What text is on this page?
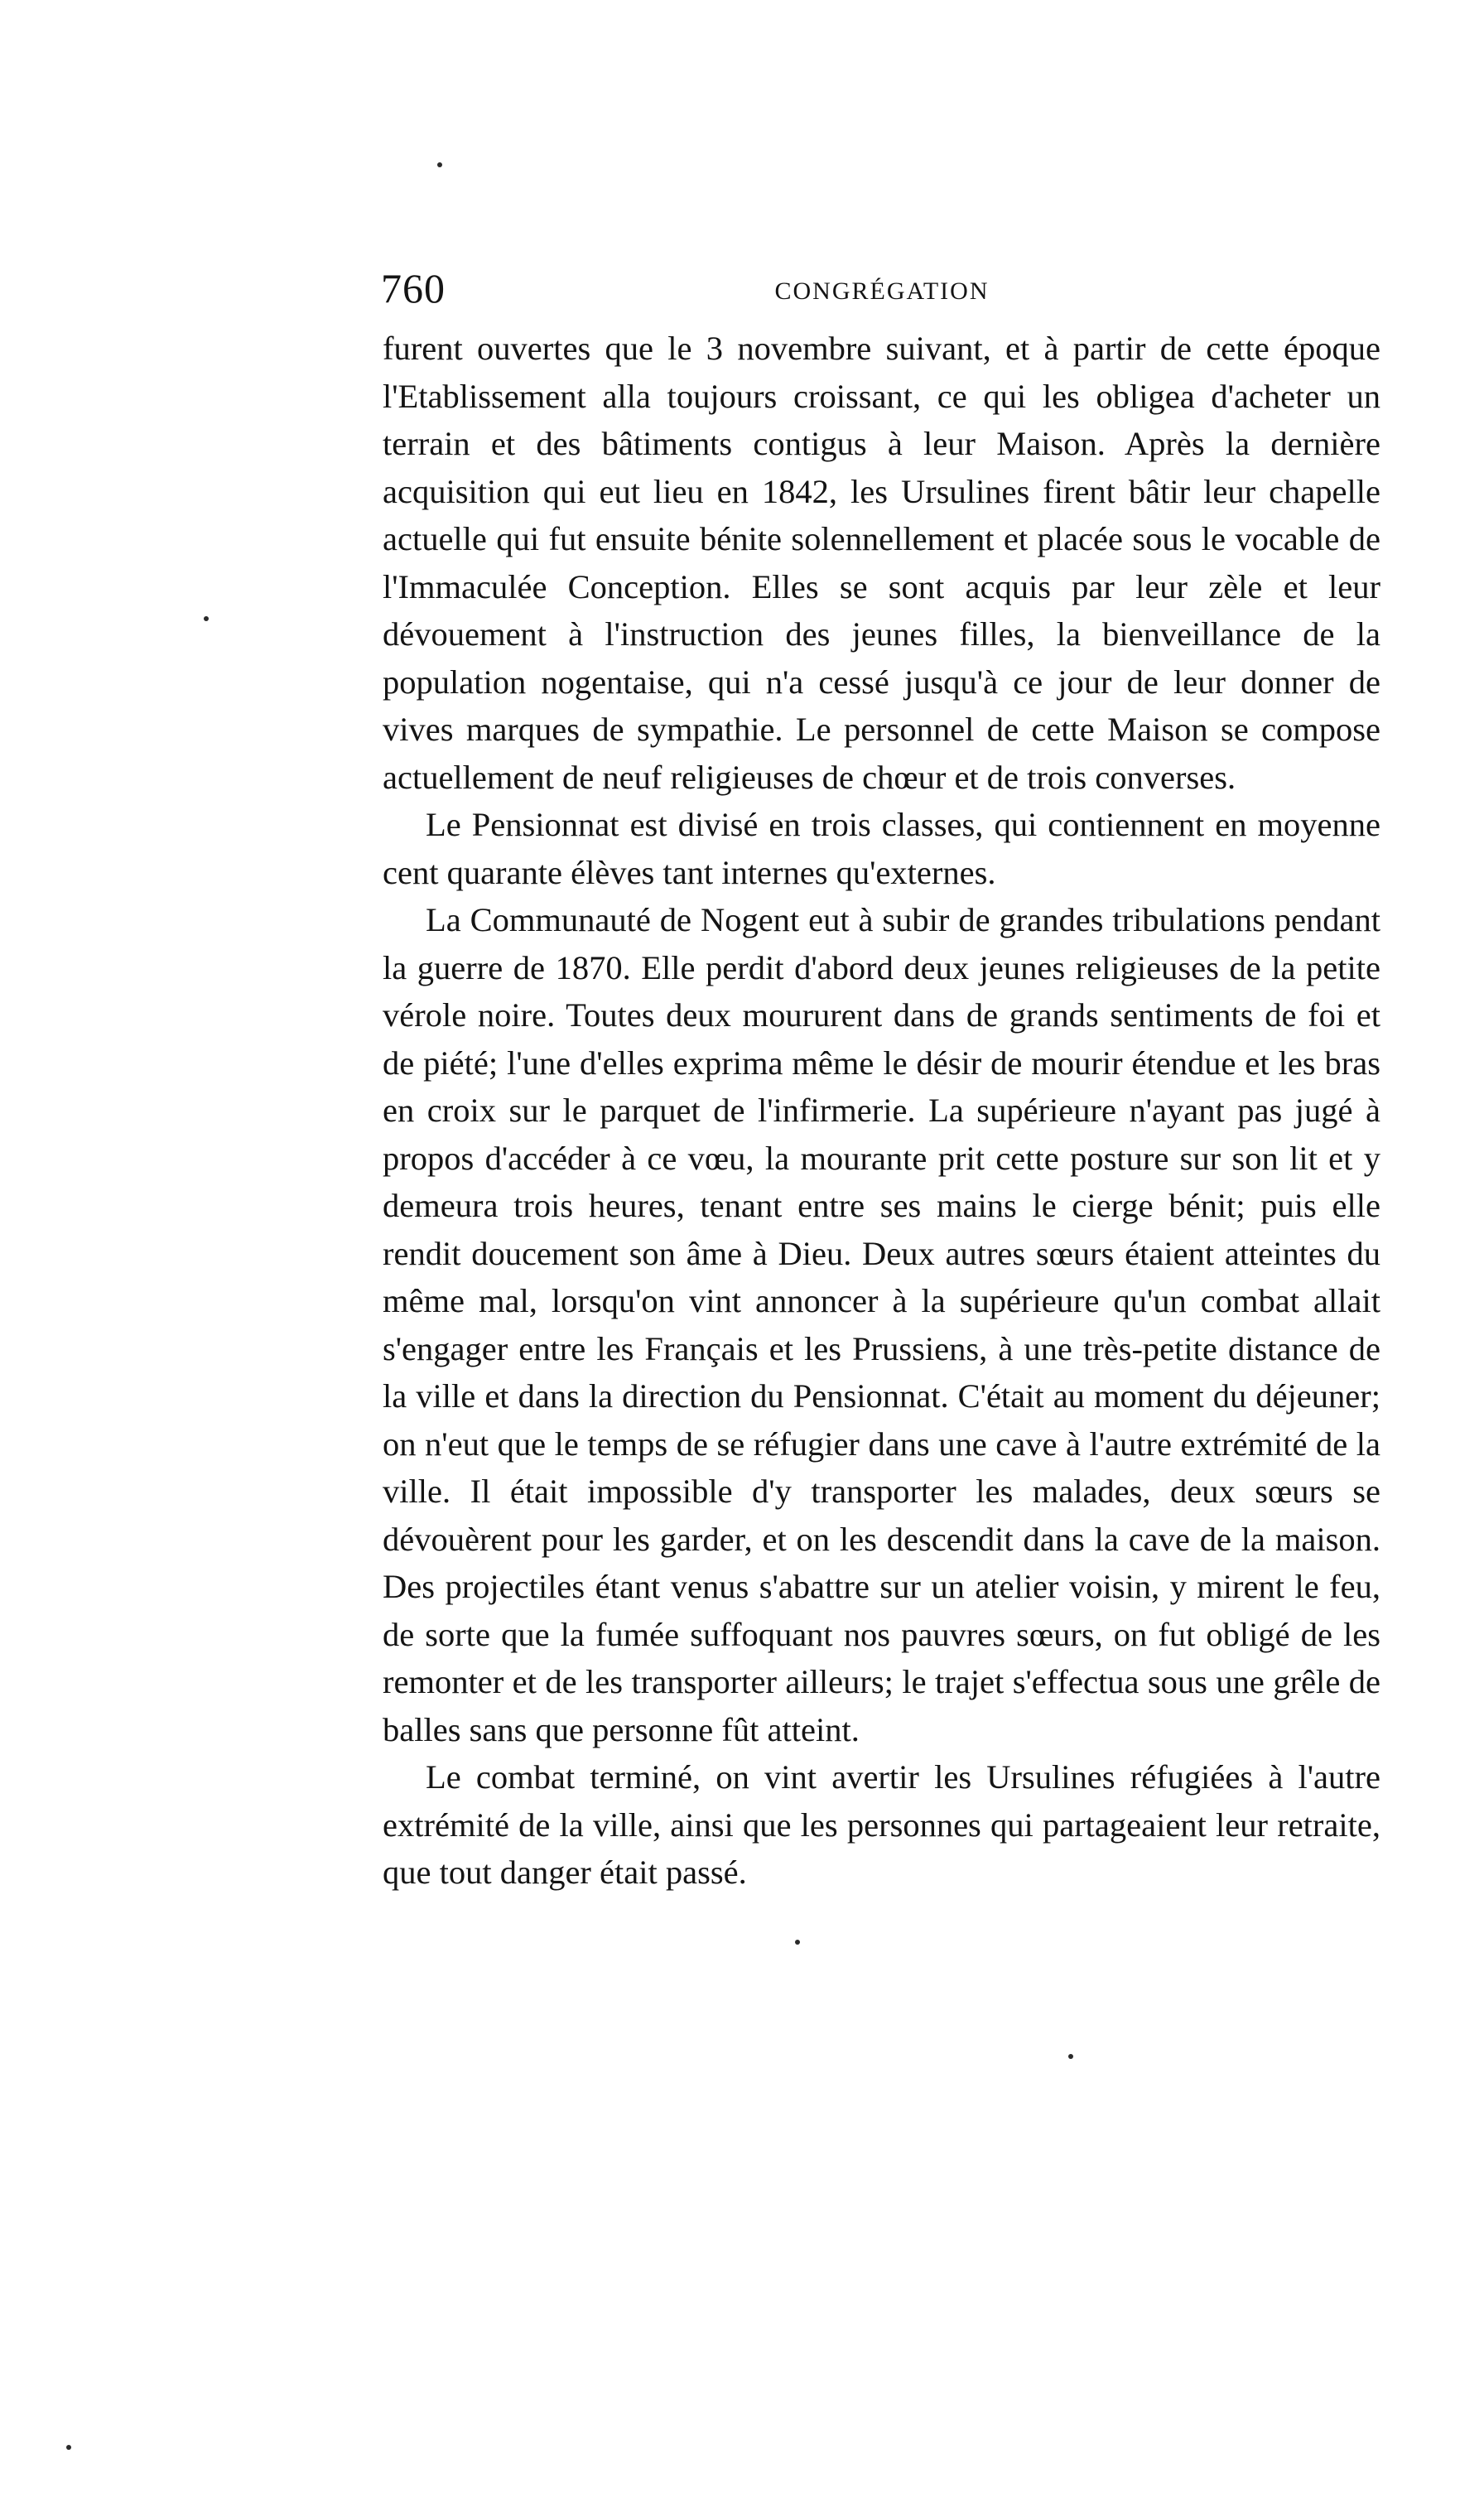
760	CONGRÉGATION

furent ouvertes que le 3 novembre suivant, et à partir de cette époque l'Etablissement alla toujours croissant, ce qui les obligea d'acheter un terrain et des bâtiments contigus à leur Maison. Après la dernière acquisition qui eut lieu en 1842, les Ursulines firent bâtir leur chapelle actuelle qui fut ensuite bénite solennellement et placée sous le vocable de l'Immaculée Conception. Elles se sont acquis par leur zèle et leur dévouement à l'instruction des jeunes filles, la bienveillance de la population nogentaise, qui n'a cessé jusqu'à ce jour de leur donner de vives marques de sympathie. Le personnel de cette Maison se compose actuellement de neuf religieuses de chœur et de trois converses.

Le Pensionnat est divisé en trois classes, qui contiennent en moyenne cent quarante élèves tant internes qu'externes.

La Communauté de Nogent eut à subir de grandes tribulations pendant la guerre de 1870. Elle perdit d'abord deux jeunes religieuses de la petite vérole noire. Toutes deux moururent dans de grands sentiments de foi et de piété; l'une d'elles exprima même le désir de mourir étendue et les bras en croix sur le parquet de l'infirmerie. La supérieure n'ayant pas jugé à propos d'accéder à ce vœu, la mourante prit cette posture sur son lit et y demeura trois heures, tenant entre ses mains le cierge bénit; puis elle rendit doucement son âme à Dieu. Deux autres sœurs étaient atteintes du même mal, lorsqu'on vint annoncer à la supérieure qu'un combat allait s'engager entre les Français et les Prussiens, à une très-petite distance de la ville et dans la direction du Pensionnat. C'était au moment du déjeuner; on n'eut que le temps de se réfugier dans une cave à l'autre extrémité de la ville. Il était impossible d'y transporter les malades, deux sœurs se dévouèrent pour les garder, et on les descendit dans la cave de la maison. Des projectiles étant venus s'abattre sur un atelier voisin, y mirent le feu, de sorte que la fumée suffoquant nos pauvres sœurs, on fut obligé de les remonter et de les transporter ailleurs; le trajet s'effectua sous une grêle de balles sans que personne fût atteint.

Le combat terminé, on vint avertir les Ursulines réfugiées à l'autre extrémité de la ville, ainsi que les personnes qui partageaient leur retraite, que tout danger était passé.
